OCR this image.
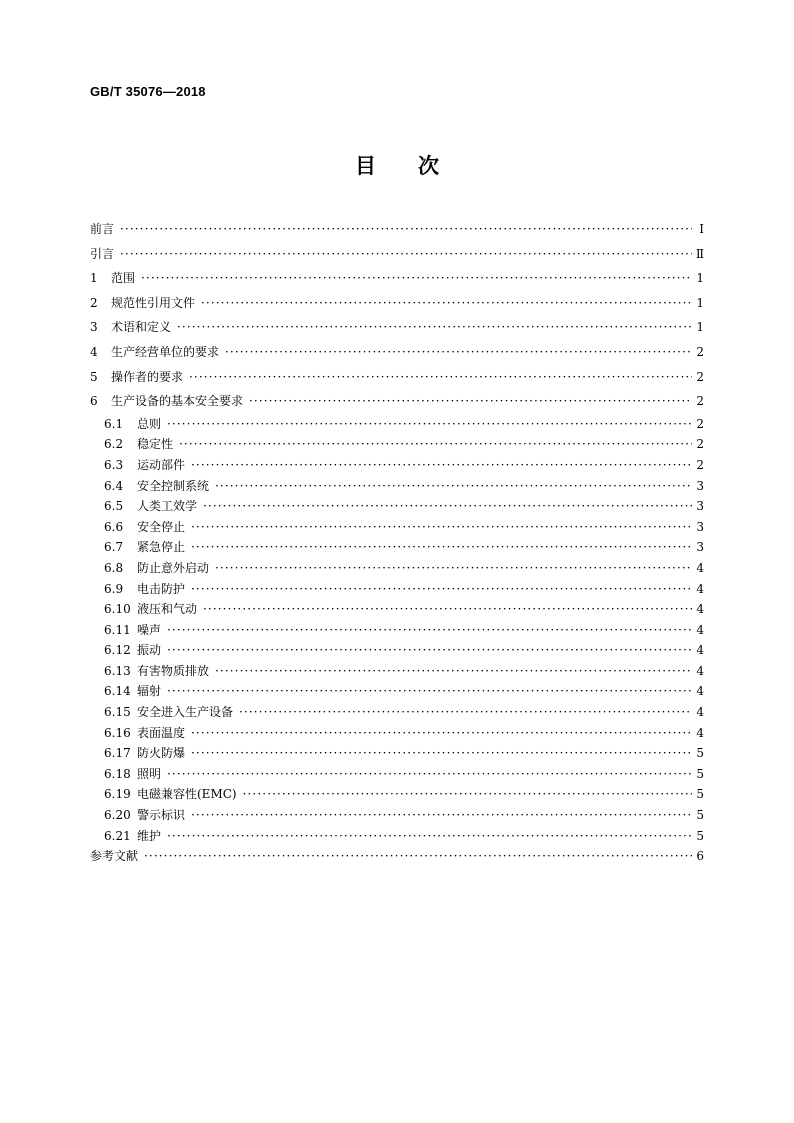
GB/T 35076—2018
目　　次
前言 ·····	Ⅰ
引言 ·····	Ⅱ
1	范围 ·····	1
2	规范性引用文件 ·····	1
3	术语和定义 ·····	1
4	生产经营单位的要求 ·····	2
5	操作者的要求 ·····	2
6	生产设备的基本安全要求 ·····	2
6.1	总则 ·····	2
6.2	稳定性 ·····	2
6.3	运动部件 ·····	2
6.4	安全控制系统 ·····	3
6.5	人类工效学 ·····	3
6.6	安全停止 ·····	3
6.7	紧急停止 ·····	3
6.8	防止意外启动 ·····	4
6.9	电击防护 ·····	4
6.10 液压和气动 ·····	4
6.11 噪声 ·····	4
6.12 振动 ·····	4
6.13 有害物质排放 ·····	4
6.14 辐射 ·····	4
6.15 安全进入生产设备 ·····	4
6.16 表面温度 ·····	4
6.17 防火防爆 ·····	5
6.18 照明 ·····	5
6.19 电磁兼容性(EMC) ·····	5
6.20 警示标识 ·····	5
6.21 维护 ·····	5
参考文献 ·····	6
